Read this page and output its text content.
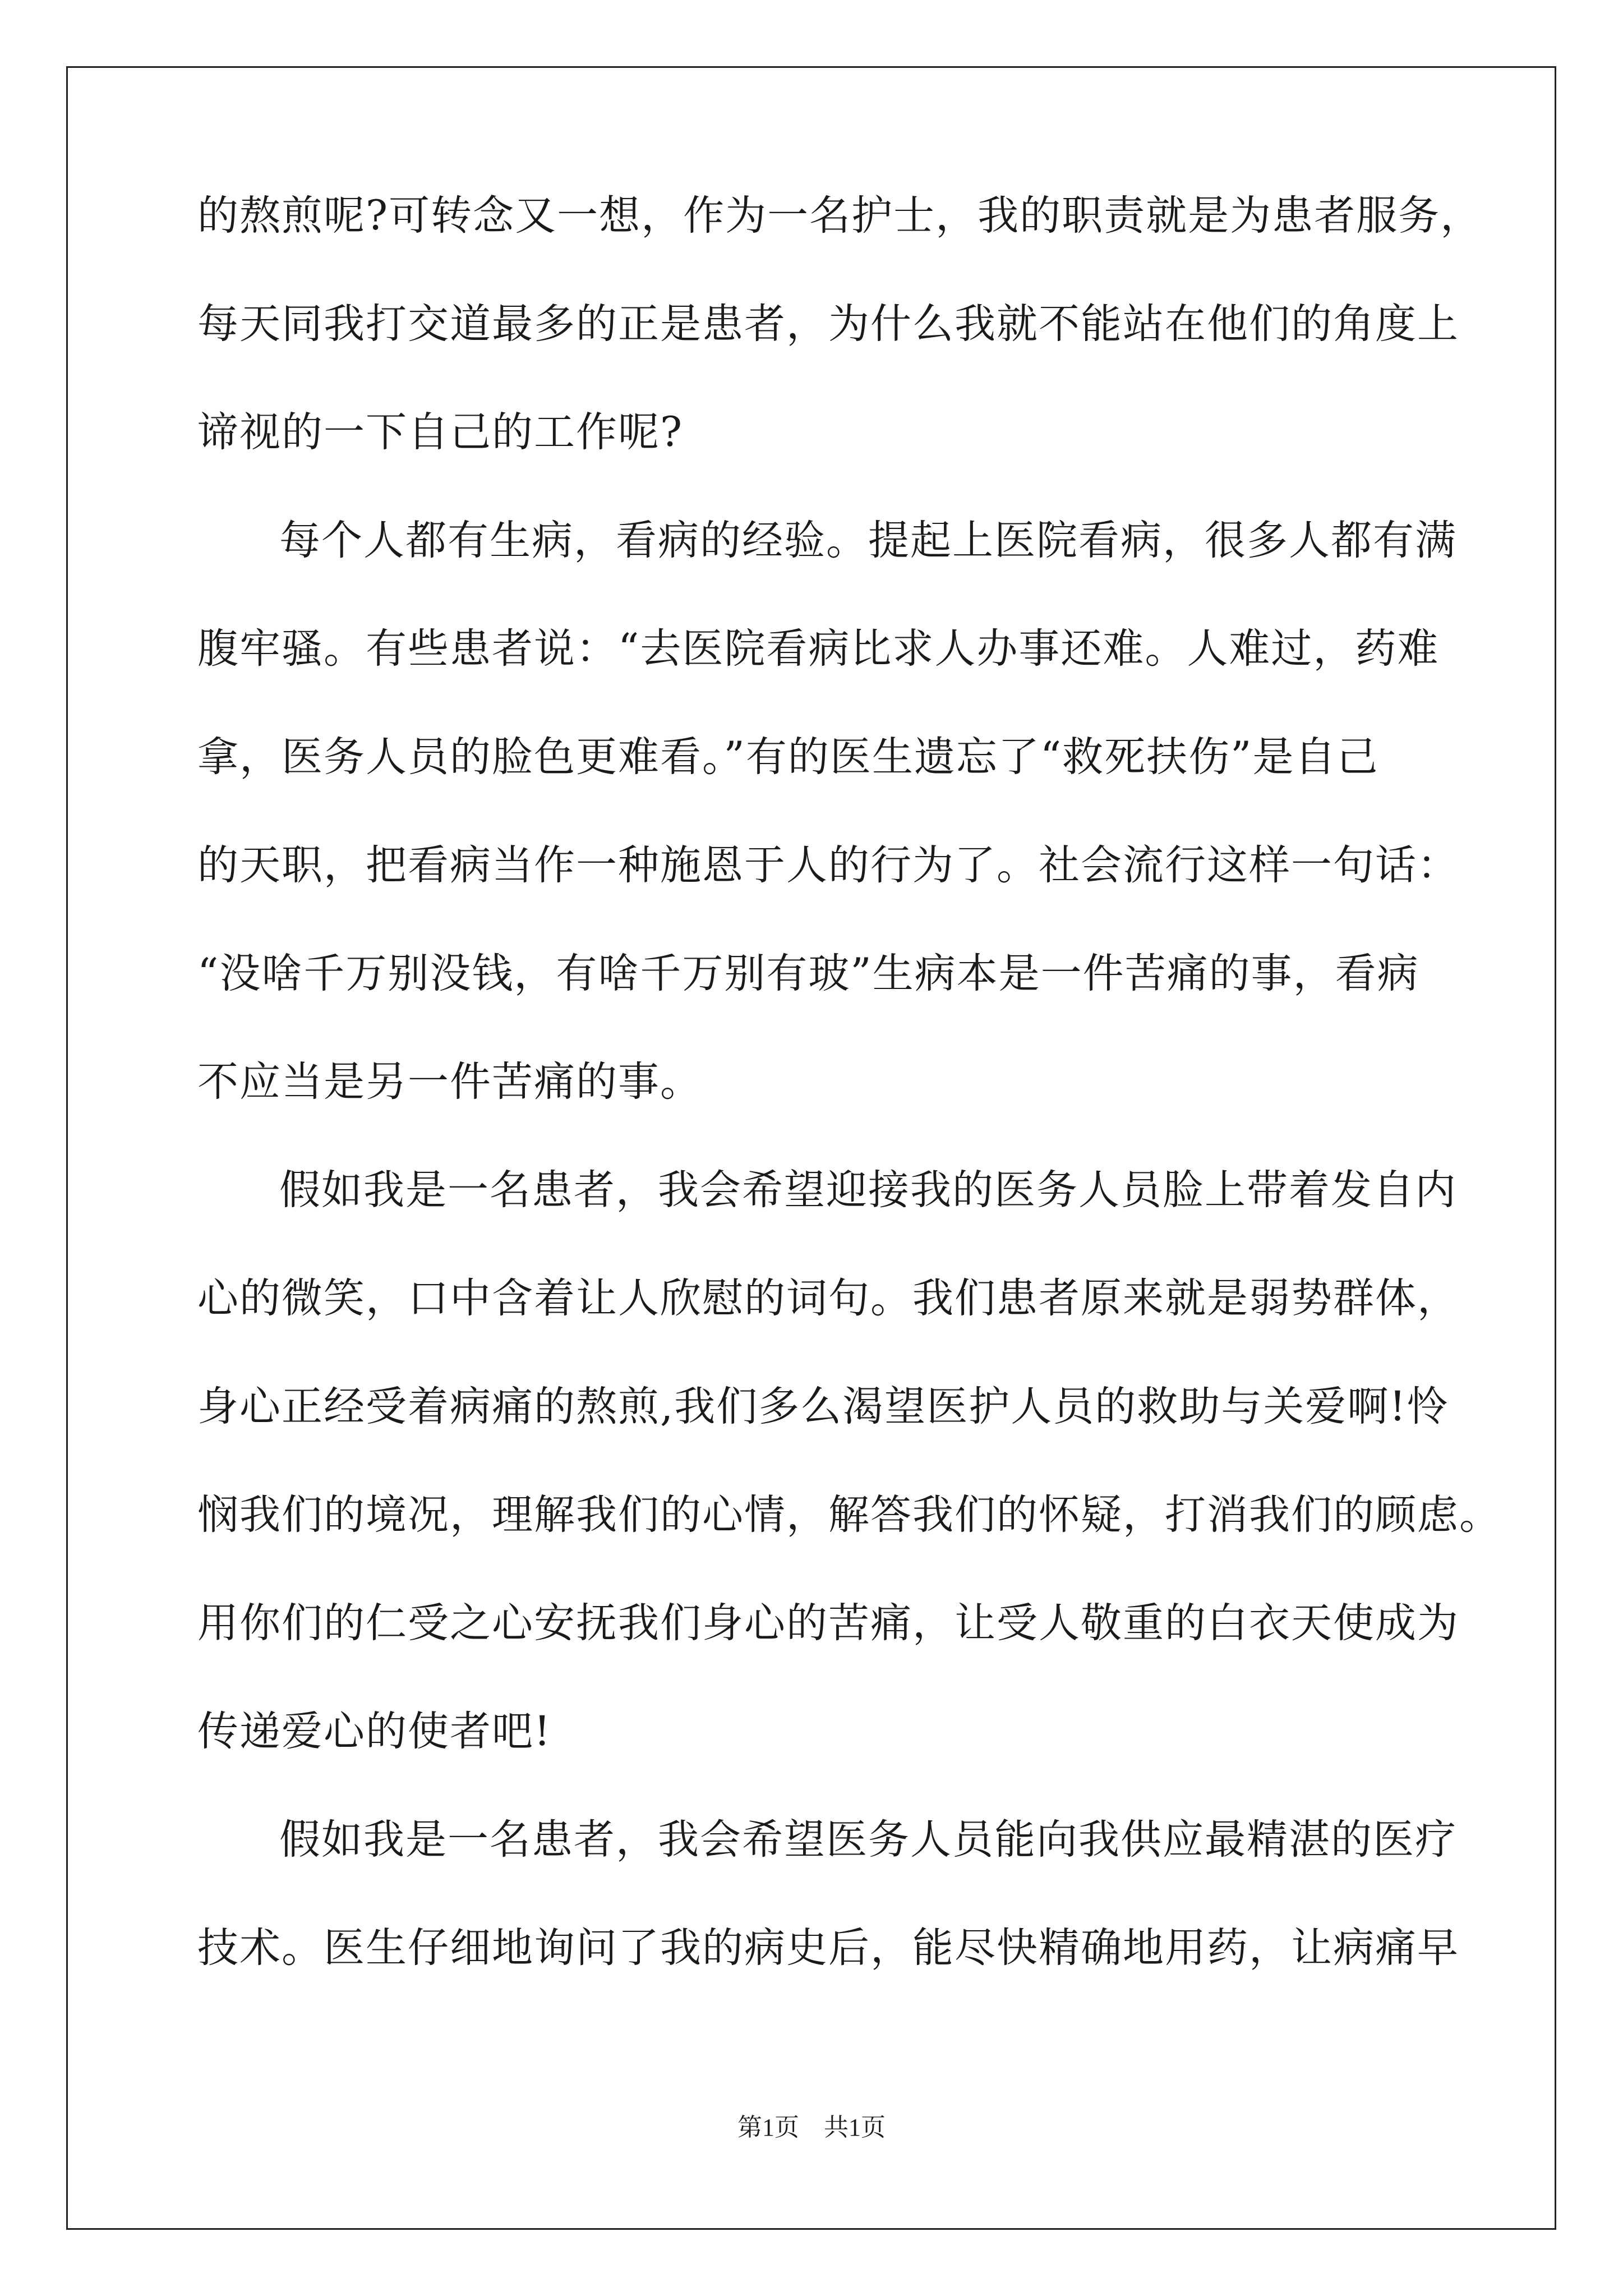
的熬煎呢?可转念又一想，作为一名护士，我的职责就是为患者服务，
每天同我打交道最多的正是患者，为什么我就不能站在他们的角度上
谛视的一下自己的工作呢?
每个人都有生病，看病的经验。提起上医院看病，很多人都有满
腹牢骚。有些患者说：“去医院看病比求人办事还难。人难过，药难
拿，医务人员的脸色更难看。”有的医生遗忘了“救死扶伤”是自己
的天职，把看病当作一种施恩于人的行为了。社会流行这样一句话：
“没啥千万别没钱，有啥千万别有玻”生病本是一件苦痛的事，看病
不应当是另一件苦痛的事。
假如我是一名患者，我会希望迎接我的医务人员脸上带着发自内
心的微笑，口中含着让人欣慰的词句。我们患者原来就是弱势群体，
身心正经受着病痛的熬煎,我们多么渴望医护人员的救助与关爱啊!怜
悯我们的境况，理解我们的心情，解答我们的怀疑，打消我们的顾虑。
用你们的仁受之心安抚我们身心的苦痛，让受人敬重的白衣天使成为
传递爱心的使者吧!
假如我是一名患者，我会希望医务人员能向我供应最精湛的医疗
技术。医生仔细地询问了我的病史后，能尽快精确地用药，让病痛早
第1页 共1页
